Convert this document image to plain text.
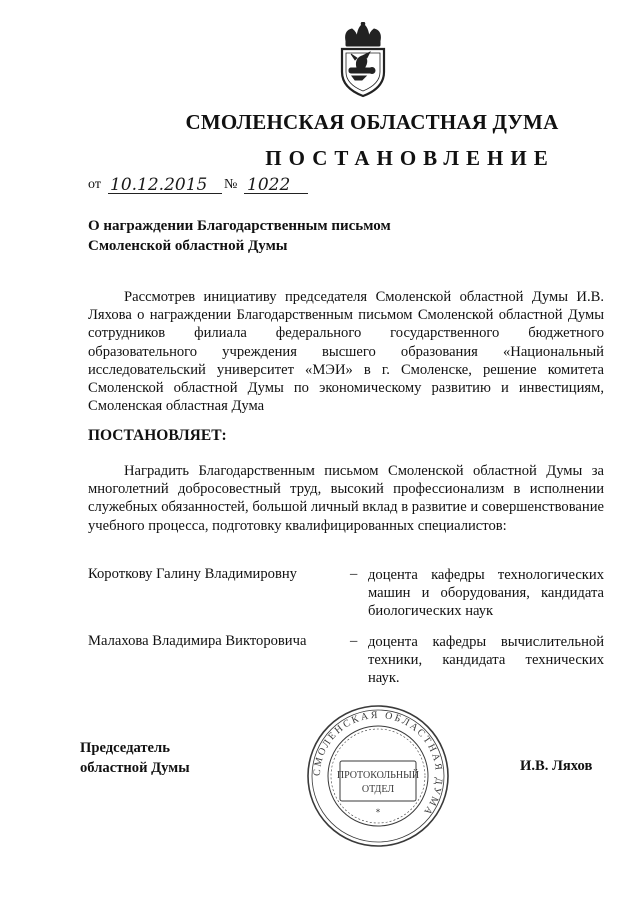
СМОЛЕНСКАЯ ОБЛАСТНАЯ ДУМА
ПОСТАНОВЛЕНИЕ
от 10.12.2015 № 1022
О награждении Благодарственным письмом
Смоленской областной Думы
Рассмотрев инициативу председателя Смоленской областной Думы И.В. Ляхова о награждении Благодарственным письмом Смоленской областной Думы сотрудников филиала федерального государственного бюджетного образовательного учреждения высшего образования «Национальный исследовательский университет «МЭИ» в г. Смоленске, решение комитета Смоленской областной Думы по экономическому развитию и инвестициям, Смоленская областная Дума
ПОСТАНОВЛЯЕТ:
Наградить Благодарственным письмом Смоленской областной Думы за многолетний добросовестный труд, высокий профессионализм в исполнении служебных обязанностей, большой личный вклад в развитие и совершенствование учебного процесса, подготовку квалифицированных специалистов:
Короткову Галину Владимировну	– доцента кафедры технологических машин и оборудования, кандидата биологических наук
Малахова Владимира Викторовича	– доцента кафедры вычислительной техники, кандидата технических наук.
Председатель
областной Думы	И.В. Ляхов
СМОЛЕНСКАЯ ОБЛАСТНАЯ ДУМА
ПРОТОКОЛЬНЫЙ
ОТДЕЛ
*
